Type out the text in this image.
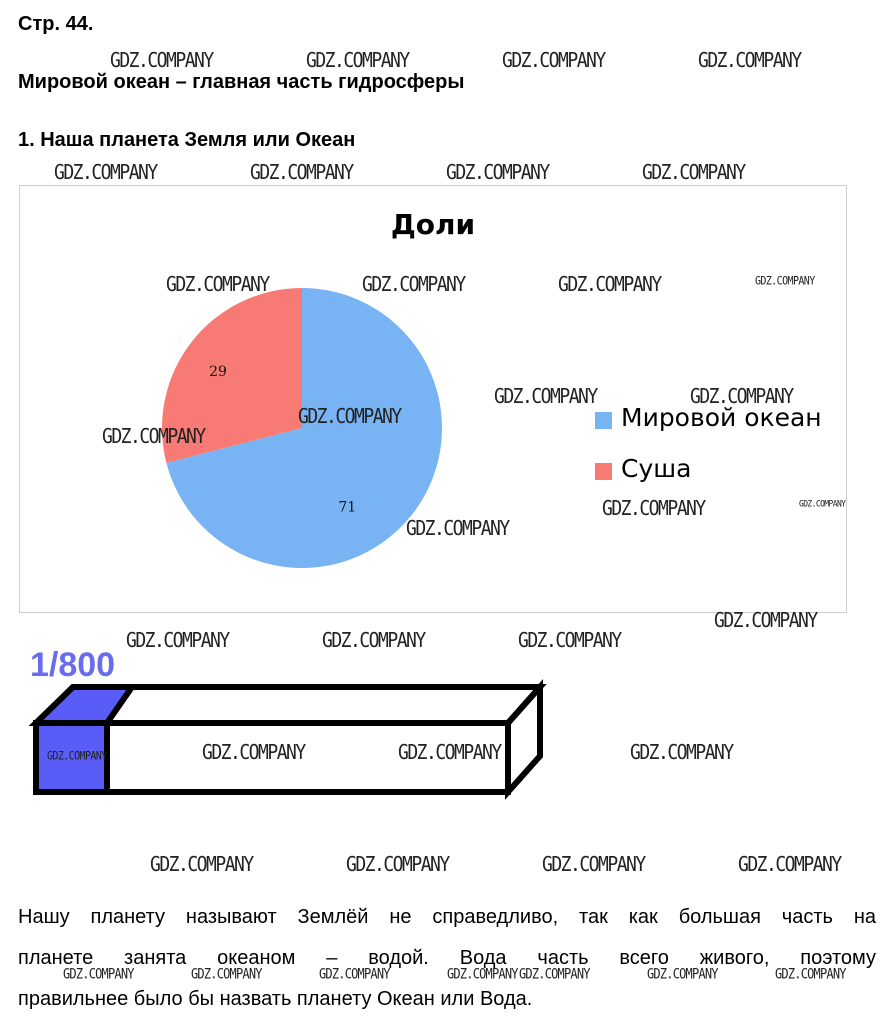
Стр. 44.
Мировой океан – главная часть гидросферы
1. Наша планета Земля или Океан
Доли
71
29
Мировой океан
Суша
1/800
Нашу планету называют Землёй не справедливо, так как большая часть на
планете занята океаном – водой. Вода часть всего живого, поэтому
правильнее было бы назвать планету Океан или Вода.
GDZ.COMPANY	GDZ.COMPANY	GDZ.COMPANY	GDZ.COMPANY
GDZ.COMPANY	GDZ.COMPANY	GDZ.COMPANY	GDZ.COMPANY
GDZ.COMPANY	GDZ.COMPANY	GDZ.COMPANY	GDZ.COMPANY
GDZ.COMPANY	GDZ.COMPANY
GDZ.COMPANY
GDZ.COMPANY
GDZ.COMPANY	GDZ.COMPANY
GDZ.COMPANY
GDZ.COMPANY
GDZ.COMPANY	GDZ.COMPANY	GDZ.COMPANY
GDZ.COMPANY	GDZ.COMPANY	GDZ.COMPANY
GDZ.COMPANY
GDZ.COMPANY	GDZ.COMPANY	GDZ.COMPANY	GDZ.COMPANY
GDZ.COMPANY	GDZ.COMPANY	GDZ.COMPANY	GDZ.COMPANY GDZ.COMPANY	GDZ.COMPANY	GDZ.COMPANY
